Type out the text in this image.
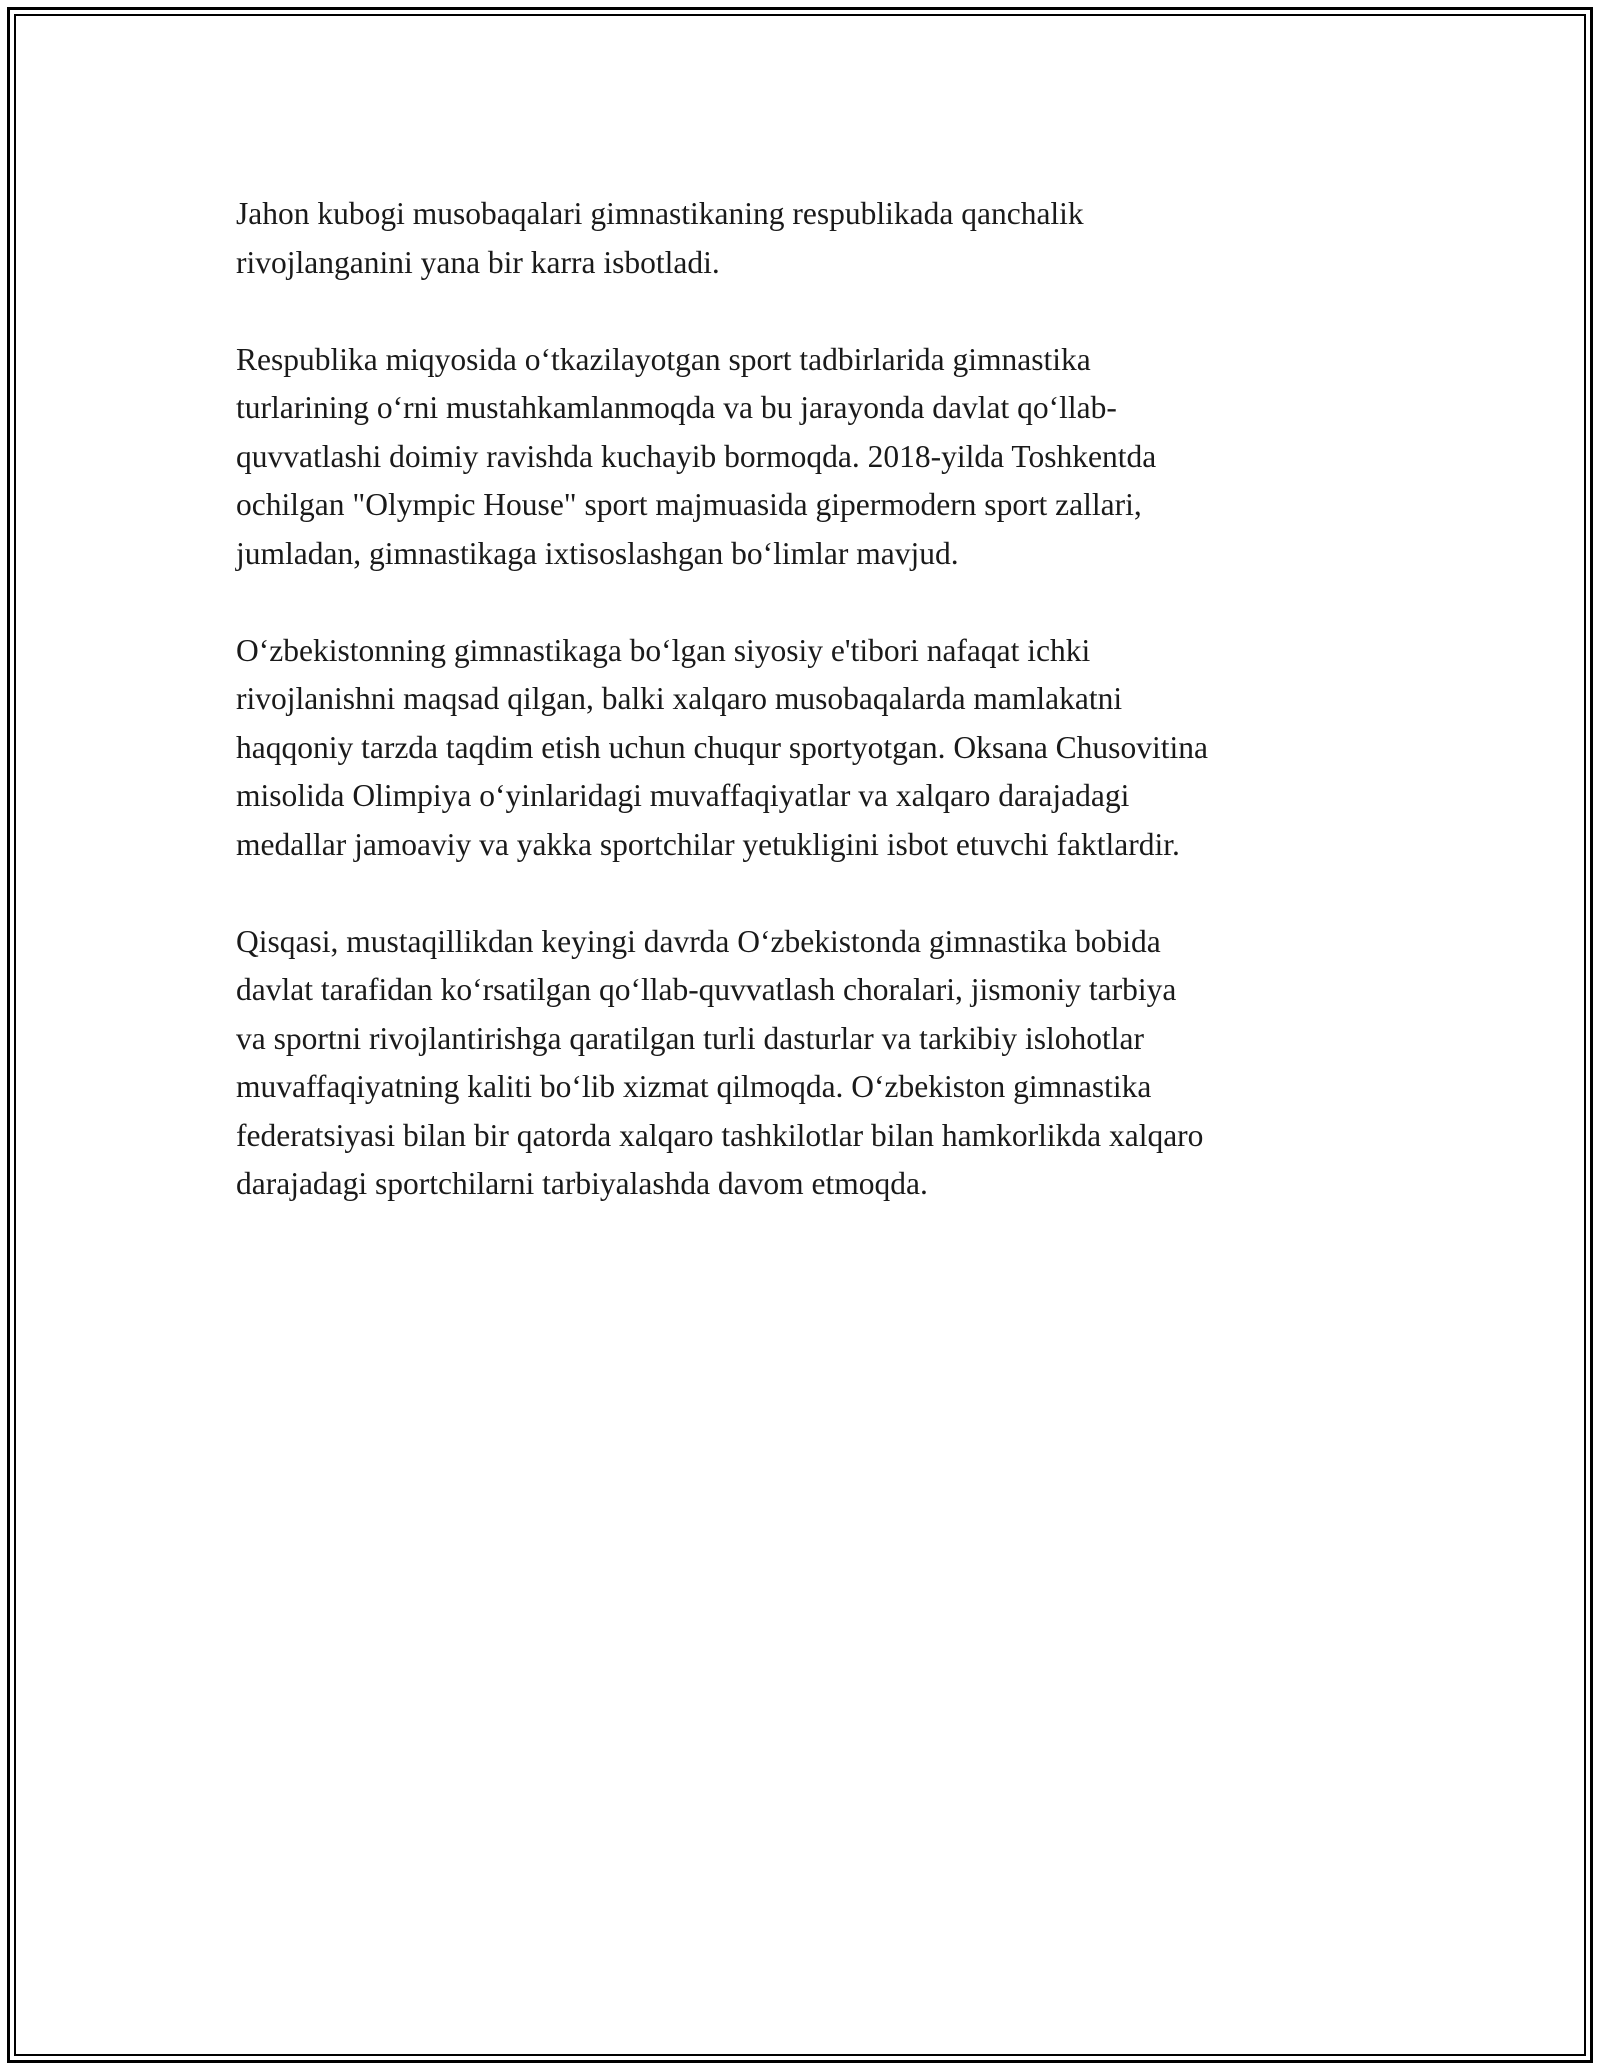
Jahon kubogi musobaqalari gimnastikaning respublikada qanchalik
rivojlanganini yana bir karra isbotladi.

Respublika miqyosida o‘tkazilayotgan sport tadbirlarida gimnastika
turlarining o‘rni mustahkamlanmoqda va bu jarayonda davlat qo‘llab-
quvvatlashi doimiy ravishda kuchayib bormoqda. 2018-yilda Toshkentda
ochilgan "Olympic House" sport majmuasida gipermodern sport zallari,
jumladan, gimnastikaga ixtisoslashgan bo‘limlar mavjud.

O‘zbekistonning gimnastikaga bo‘lgan siyosiy e'tibori nafaqat ichki
rivojlanishni maqsad qilgan, balki xalqaro musobaqalarda mamlakatni
haqqoniy tarzda taqdim etish uchun chuqur sportyotgan. Oksana Chusovitina
misolida Olimpiya o‘yinlaridagi muvaffaqiyatlar va xalqaro darajadagi
medallar jamoaviy va yakka sportchilar yetukligini isbot etuvchi faktlardir.

Qisqasi, mustaqillikdan keyingi davrda O‘zbekistonda gimnastika bobida
davlat tarafidan ko‘rsatilgan qo‘llab-quvvatlash choralari, jismoniy tarbiya
va sportni rivojlantirishga qaratilgan turli dasturlar va tarkibiy islohotlar
muvaffaqiyatning kaliti bo‘lib xizmat qilmoqda. O‘zbekiston gimnastika
federatsiyasi bilan bir qatorda xalqaro tashkilotlar bilan hamkorlikda xalqaro
darajadagi sportchilarni tarbiyalashda davom etmoqda.
